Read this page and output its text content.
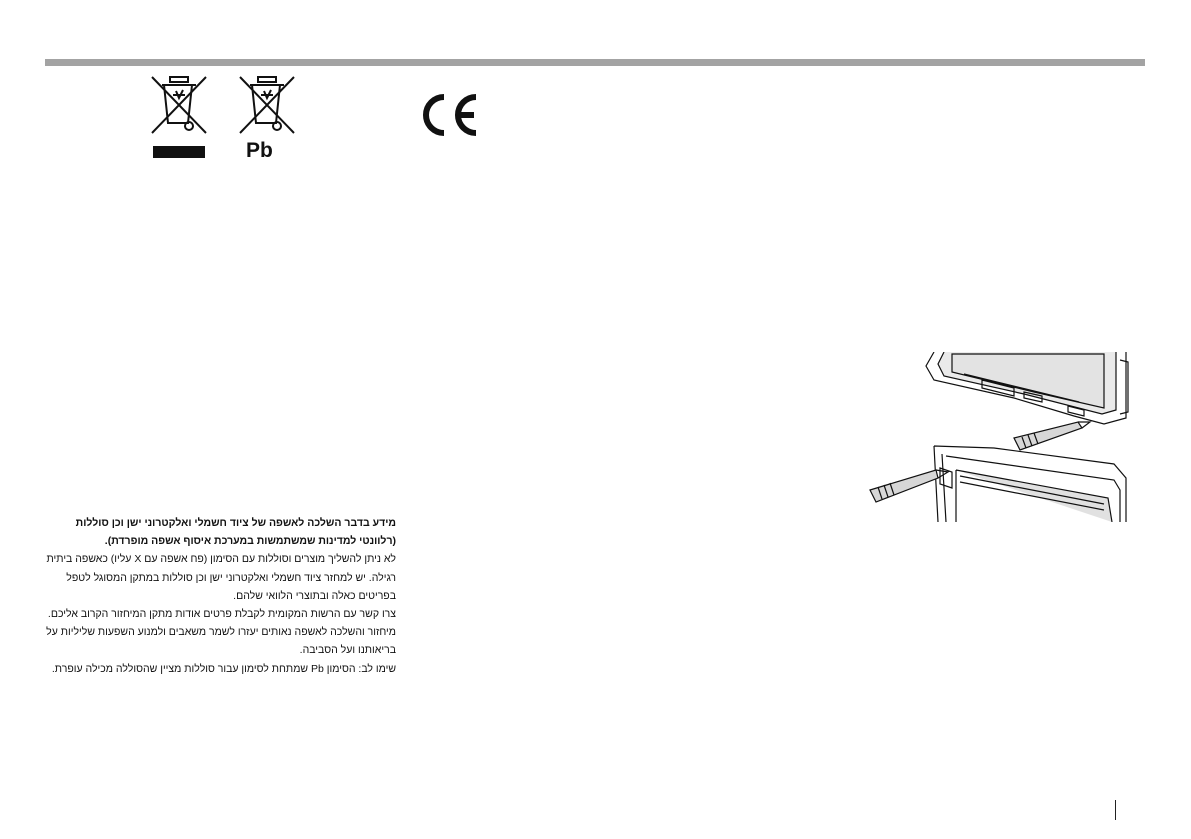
Pb

מידע בדבר השלכה לאשפה של ציוד חשמלי ואלקטרוני ישן וכן סוללות (רלוונטי למדינות שמשתמשות במערכת איסוף אשפה מופרדת).

לא ניתן להשליך מוצרים וסוללות עם הסימון (פח אשפה עם X עליו) כאשפה ביתית רגילה. יש למחזר ציוד חשמלי ואלקטרוני ישן וכן סוללות במתקן המסוגל לטפל בפריטים כאלה ובתוצרי הלוואי שלהם.

צרו קשר עם הרשות המקומית לקבלת פרטים אודות מתקן המיחזור הקרוב אליכם. מיחזור והשלכה לאשפה נאותים יעזרו לשמר משאבים ולמנוע השפעות שליליות על בריאותנו ועל הסביבה.

שימו לב: הסימון Pb שמתחת לסימון עבור סוללות מציין שהסוללה מכילה עופרת.
